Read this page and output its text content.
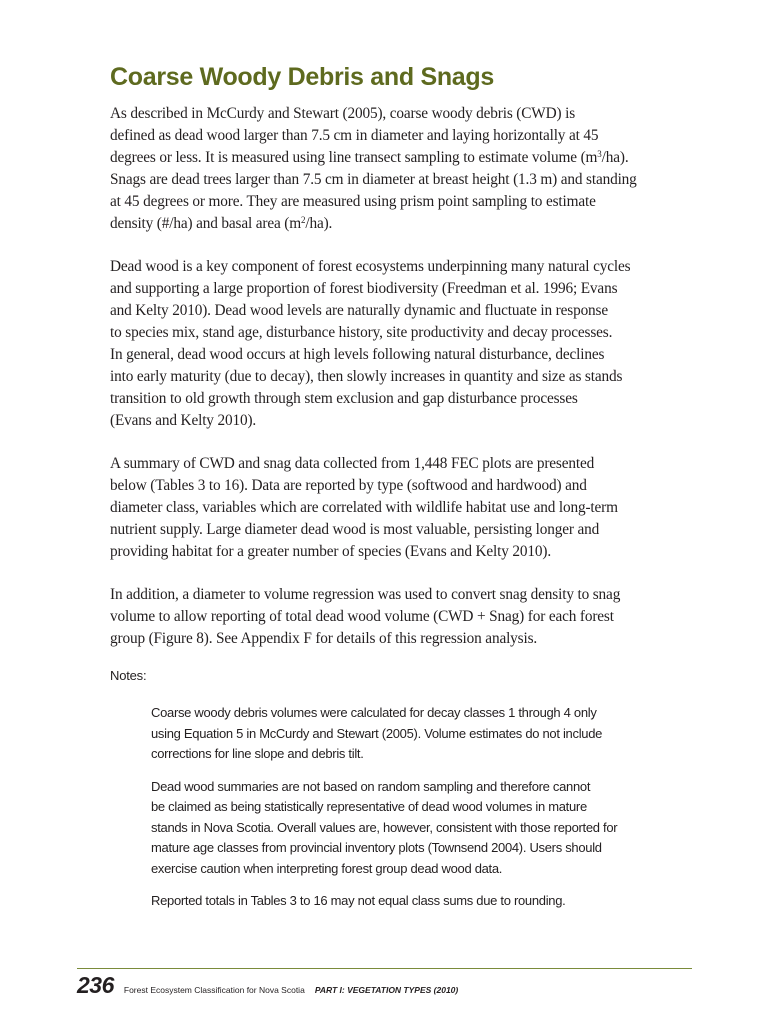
Coarse Woody Debris and Snags

As described in McCurdy and Stewart (2005), coarse woody debris (CWD) is
defined as dead wood larger than 7.5 cm in diameter and laying horizontally at 45
degrees or less. It is measured using line transect sampling to estimate volume $(m^3/ha)$.
Snags are dead trees larger than 7.5 cm in diameter at breast height (1.3 m) and standing
at 45 degrees or more. They are measured using prism point sampling to estimate
density (#/ha) and basal area $(m^2/ha)$.

Dead wood is a key component of forest ecosystems underpinning many natural cycles
and supporting a large proportion of forest biodiversity (Freedman et al. 1996; Evans
and Kelty 2010). Dead wood levels are naturally dynamic and fluctuate in response
to species mix, stand age, disturbance history, site productivity and decay processes.
In general, dead wood occurs at high levels following natural disturbance, declines
into early maturity (due to decay), then slowly increases in quantity and size as stands
transition to old growth through stem exclusion and gap disturbance processes
(Evans and Kelty 2010).

A summary of CWD and snag data collected from 1,448 FEC plots are presented
below (Tables 3 to 16). Data are reported by type (softwood and hardwood) and
diameter class, variables which are correlated with wildlife habitat use and long-term
nutrient supply. Large diameter dead wood is most valuable, persisting longer and
providing habitat for a greater number of species (Evans and Kelty 2010).

In addition, a diameter to volume regression was used to convert snag density to snag
volume to allow reporting of total dead wood volume (CWD + Snag) for each forest
group (Figure 8). See Appendix F for details of this regression analysis.

Notes:

Coarse woody debris volumes were calculated for decay classes 1 through 4 only
using Equation 5 in McCurdy and Stewart (2005). Volume estimates do not include
corrections for line slope and debris tilt.

Dead wood summaries are not based on random sampling and therefore cannot
be claimed as being statistically representative of dead wood volumes in mature
stands in Nova Scotia. Overall values are, however, consistent with those reported for
mature age classes from provincial inventory plots (Townsend 2004). Users should
exercise caution when interpreting forest group dead wood data.

Reported totals in Tables 3 to 16 may not equal class sums due to rounding.

236 Forest Ecosystem Classification for Nova Scotia PART I: VEGETATION TYPES (2010)
